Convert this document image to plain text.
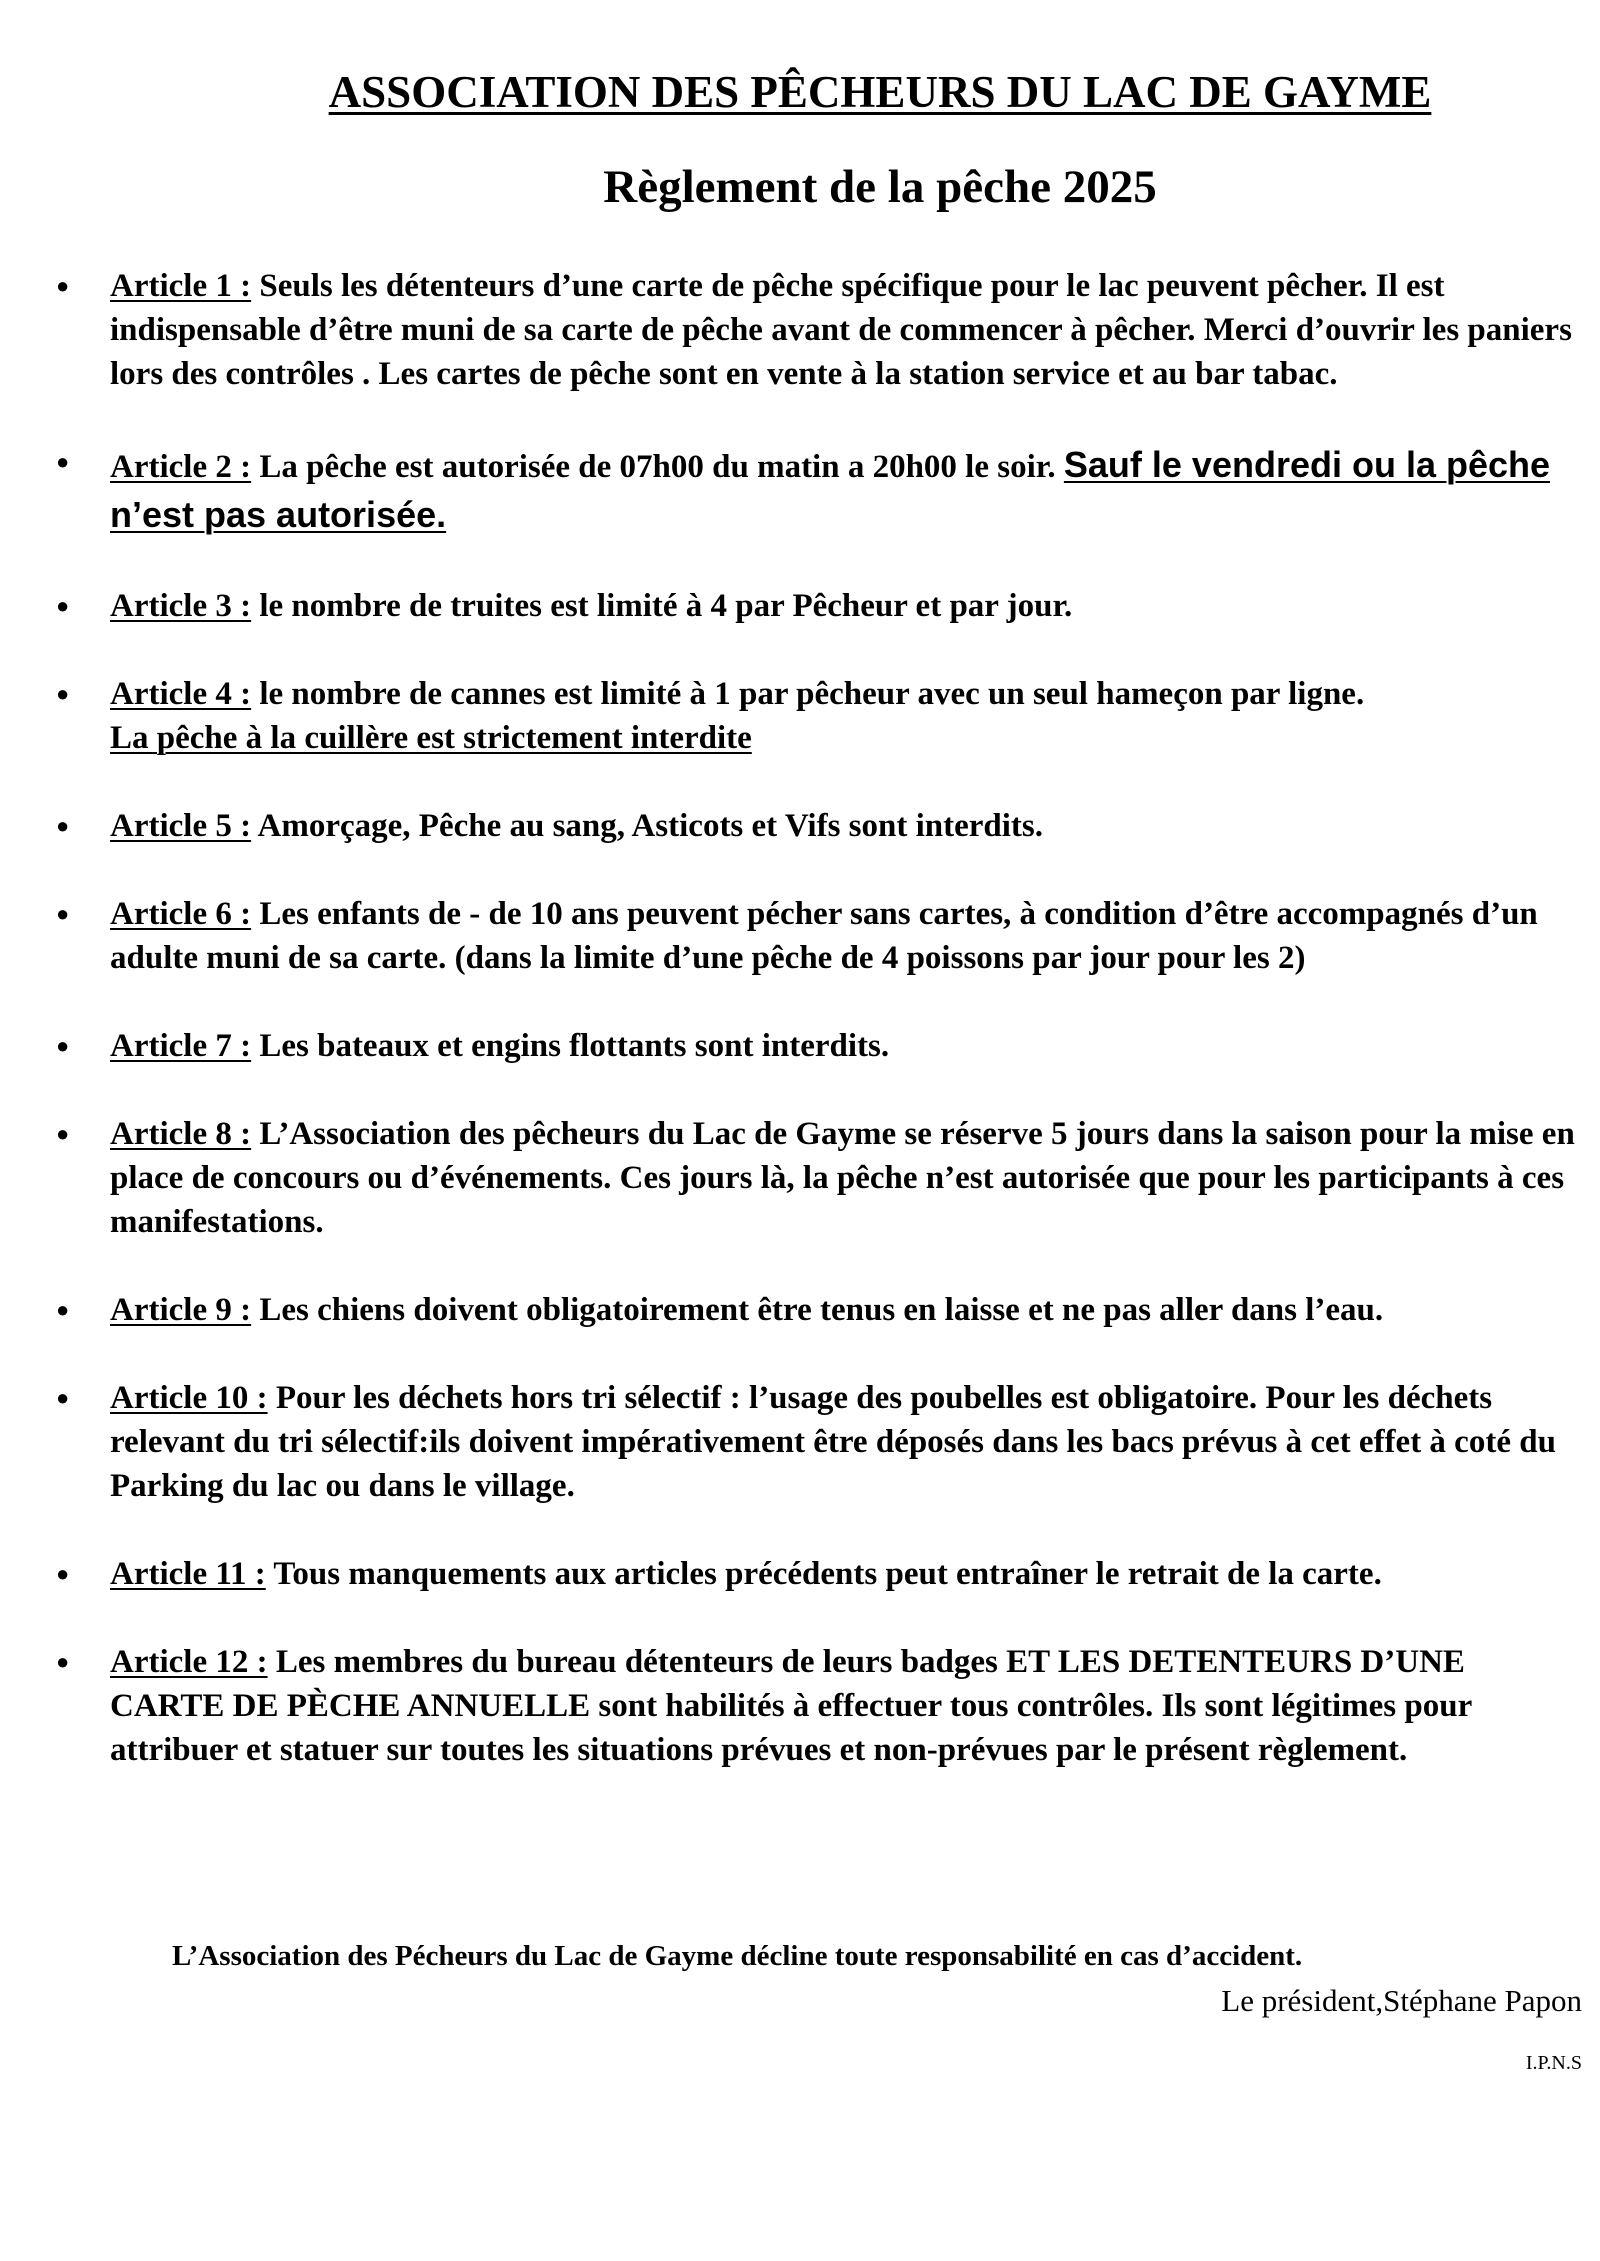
ASSOCIATION DES PÊCHEURS DU LAC DE GAYME
Règlement de la pêche 2025
● Article 1 : Seuls les détenteurs d’une carte de pêche spécifique pour le lac peuvent pêcher. Il est indispensable d’être muni de sa carte de pêche avant de commencer à pêcher. Merci d’ouvrir les paniers lors des contrôles . Les cartes de pêche sont en vente à la station service et au bar tabac.
● Article 2 : La pêche est autorisée de 07h00 du matin a 20h00 le soir. Sauf le vendredi ou la pêche n’est pas autorisée.
● Article 3 : le nombre de truites est limité à 4 par Pêcheur et par jour.
● Article 4 : le nombre de cannes est limité à 1 par pêcheur avec un seul hameçon par ligne.
La pêche à la cuillère est strictement interdite
● Article 5 : Amorçage, Pêche au sang, Asticots et Vifs sont interdits.
● Article 6 : Les enfants de - de 10 ans peuvent pécher sans cartes, à condition d’être accompagnés d’un adulte muni de sa carte. (dans la limite d’une pêche de 4 poissons par jour pour les 2)
● Article 7 : Les bateaux et engins flottants sont interdits.
● Article 8 : L’Association des pêcheurs du Lac de Gayme se réserve 5 jours dans la saison pour la mise en place de concours ou d’événements. Ces jours là, la pêche n’est autorisée que pour les participants à ces manifestations.
● Article 9 : Les chiens doivent obligatoirement être tenus en laisse et ne pas aller dans l’eau.
● Article 10 : Pour les déchets hors tri sélectif : l’usage des poubelles est obligatoire. Pour les déchets relevant du tri sélectif:ils doivent impérativement être déposés dans les bacs prévus à cet effet à coté du Parking du lac ou dans le village.
● Article 11 : Tous manquements aux articles précédents peut entraîner le retrait de la carte.
● Article 12 : Les membres du bureau détenteurs de leurs badges ET LES DETENTEURS D’UNE CARTE DE PÈCHE ANNUELLE sont habilités à effectuer tous contrôles. Ils sont légitimes pour attribuer et statuer sur toutes les situations prévues et non-prévues par le présent règlement.

L’Association des Pécheurs du Lac de Gayme décline toute responsabilité en cas d’accident.

Le président,Stéphane Papon

I.P.N.S
